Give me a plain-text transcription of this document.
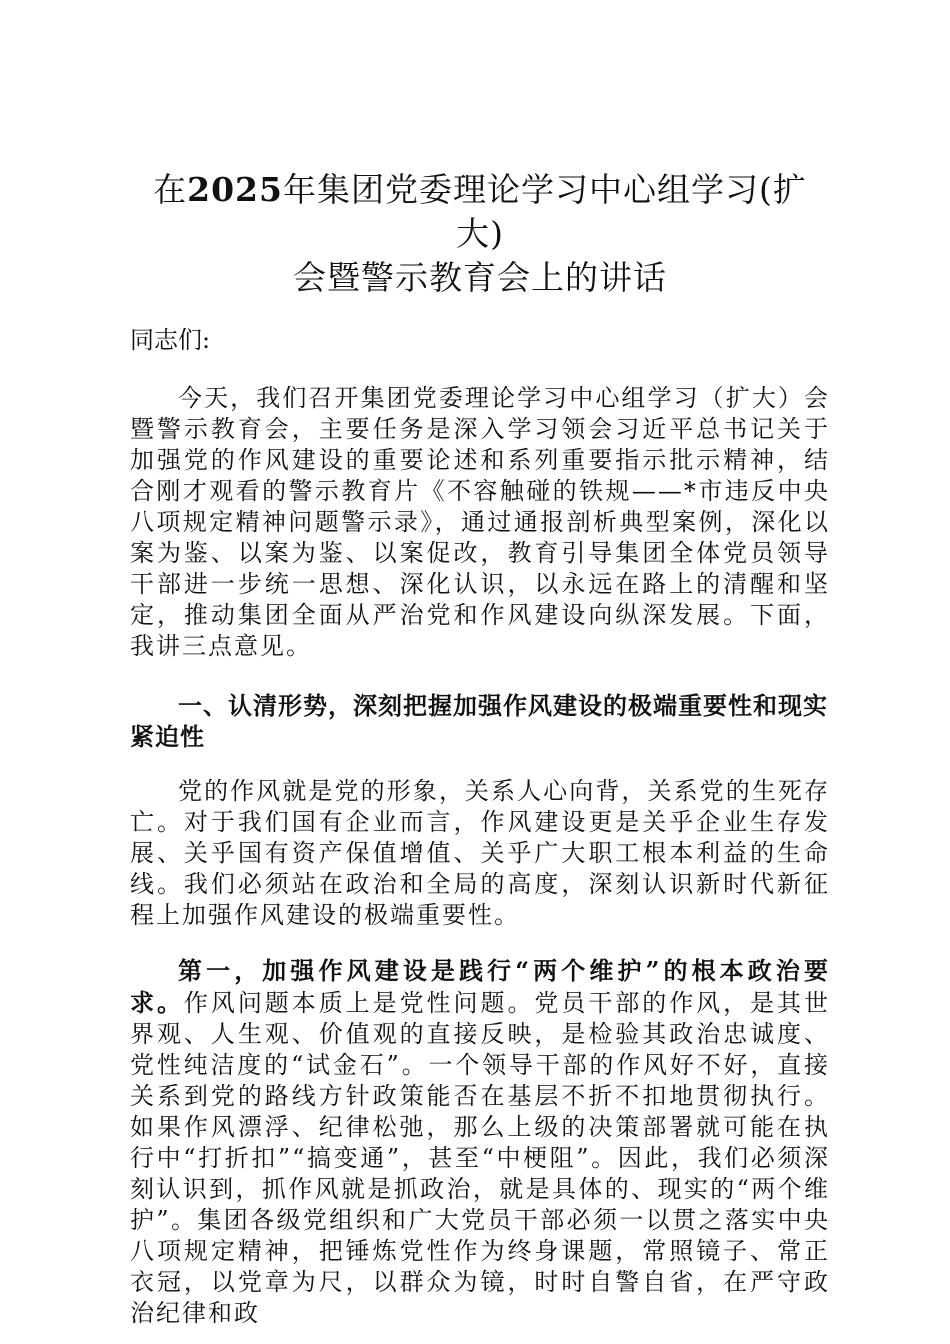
在2025年集团党委理论学习中心组学习(扩大)
会暨警示教育会上的讲话

同志们:

今天，我们召开集团党委理论学习中心组学习（扩大）会暨警示教育会，主要任务是深入学习领会习近平总书记关于加强党的作风建设的重要论述和系列重要指示批示精神，结合刚才观看的警示教育片《不容触碰的铁规——*市违反中央八项规定精神问题警示录》，通过通报剖析典型案例，深化以案为鉴、以案为鉴、以案促改，教育引导集团全体党员领导干部进一步统一思想、深化认识，以永远在路上的清醒和坚定，推动集团全面从严治党和作风建设向纵深发展。下面，我讲三点意见。

一、认清形势，深刻把握加强作风建设的极端重要性和现实紧迫性

党的作风就是党的形象，关系人心向背，关系党的生死存亡。对于我们国有企业而言，作风建设更是关乎企业生存发展、关乎国有资产保值增值、关乎广大职工根本利益的生命线。我们必须站在政治和全局的高度，深刻认识新时代新征程上加强作风建设的极端重要性。

第一，加强作风建设是践行“两个维护”的根本政治要求。作风问题本质上是党性问题。党员干部的作风，是其世界观、人生观、价值观的直接反映，是检验其政治忠诚度、党性纯洁度的“试金石”。一个领导干部的作风好不好，直接关系到党的路线方针政策能否在基层不折不扣地贯彻执行。如果作风漂浮、纪律松弛，那么上级的决策部署就可能在执行中“打折扣”“搞变通”，甚至“中梗阻”。因此，我们必须深刻认识到，抓作风就是抓政治，就是具体的、现实的“两个维护”。集团各级党组织和广大党员干部必须一以贯之落实中央八项规定精神，把锤炼党性作为终身课题，常照镜子、常正衣冠，以党章为尺，以群众为镜，时时自警自省，在严守政治纪律和政
